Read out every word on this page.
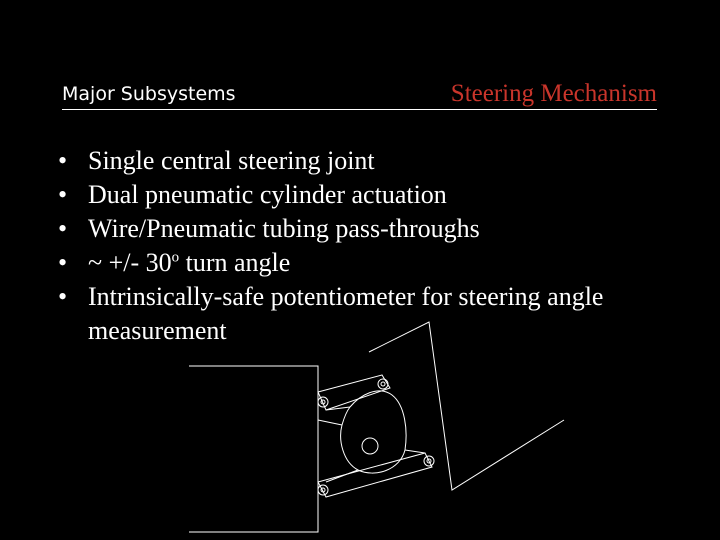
Major Subsystems	Steering Mechanism
• Single central steering joint
• Dual pneumatic cylinder actuation
• Wire/Pneumatic tubing pass-throughs
• ~ +/- 30$^o$ turn angle
• Intrinsically-safe potentiometer for steering angle measurement
